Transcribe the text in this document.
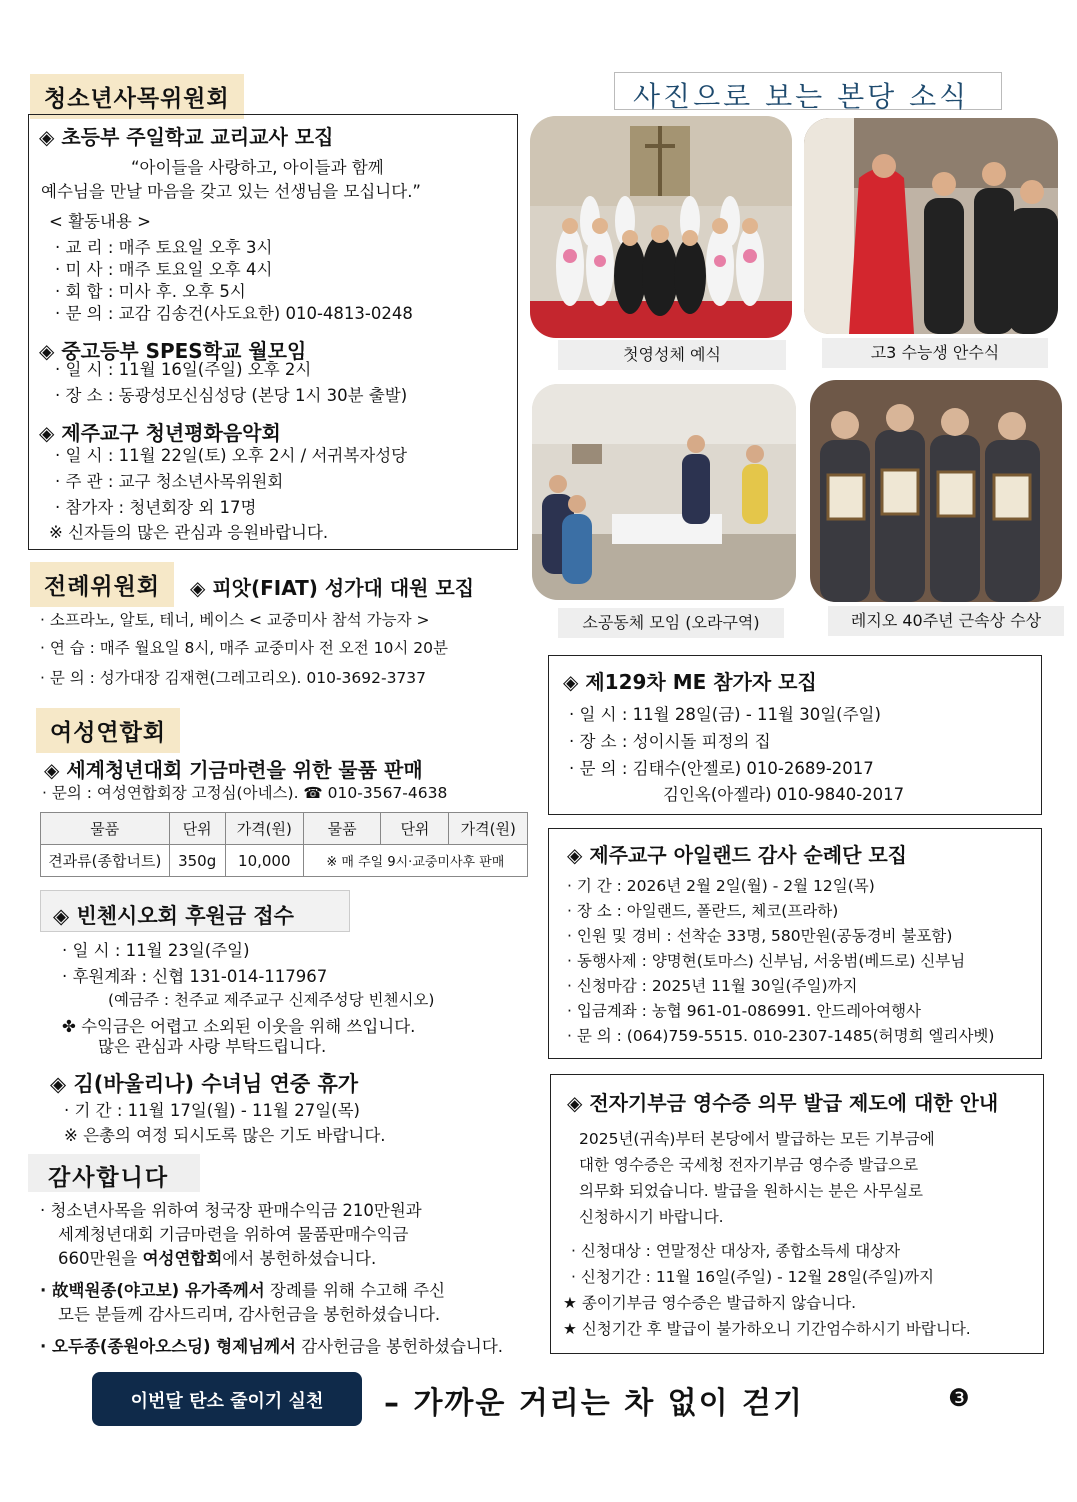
청소년사목위원회
◈ 초등부 주일학교 교리교사 모집
“아이들을 사랑하고, 아이들과 함께
예수님을 만날 마음을 갖고 있는 선생님을 모십니다.”
< 활동내용 >
· 교 리 : 매주 토요일 오후 3시
· 미 사 : 매주 토요일 오후 4시
· 회 합 : 미사 후. 오후 5시
· 문 의 : 교감 김송건(사도요한) 010-4813-0248
◈ 중고등부 SPES학교 월모임
· 일 시 : 11월 16일(주일) 오후 2시
· 장 소 : 동광성모신심성당 (본당 1시 30분 출발)
◈ 제주교구 청년평화음악회
· 일 시 : 11월 22일(토) 오후 2시 / 서귀복자성당
· 주 관 : 교구 청소년사목위원회
· 참가자 : 청년회장 외 17명
※ 신자들의 많은 관심과 응원바랍니다.
전례위원회	◈ 피앗(FIAT) 성가대 대원 모집
· 소프라노, 알토, 테너, 베이스 < 교중미사 참석 가능자 >
· 연 습 : 매주 월요일 8시, 매주 교중미사 전 오전 10시 20분
· 문 의 : 성가대장 김재현(그레고리오). 010-3692-3737
여성연합회
◈ 세계청년대회 기금마련을 위한 물품 판매
· 문의 : 여성연합회장 고정심(아네스). ☎ 010-3567-4638
물품	단위	가격(원)	물품	단위	가격(원)
견과류(종합너트)	350g	10,000	※ 매 주일 9시·교중미사후 판매		
◈ 빈첸시오회 후원금 접수
· 일 시 : 11월 23일(주일)
· 후원계좌 : 신협 131-014-117967
(예금주 : 천주교 제주교구 신제주성당 빈첸시오)
✤ 수익금은 어렵고 소외된 이웃을 위해 쓰입니다.
많은 관심과 사랑 부탁드립니다.
◈ 김(바울리나) 수녀님 연중 휴가
· 기 간 : 11월 17일(월) - 11월 27일(목)
※ 은총의 여정 되시도록 많은 기도 바랍니다.
감사합니다
· 청소년사목을 위하여 청국장 판매수익금 210만원과
세계청년대회 기금마련을 위하여 물품판매수익금
660만원을 여성연합회에서 봉헌하셨습니다.
· 故백원종(야고보) 유가족께서 장례를 위해 수고해 주신
모든 분들께 감사드리며, 감사헌금을 봉헌하셨습니다.
· 오두종(종원아오스딩) 형제님께서 감사헌금을 봉헌하셨습니다.
사진으로 보는 본당 소식
첫영성체 예식	고3 수능생 안수식
소공동체 모임 (오라구역)	레지오 40주년 근속상 수상
◈ 제129차 ME 참가자 모집
· 일 시 : 11월 28일(금) - 11월 30일(주일)
· 장 소 : 성이시돌 피정의 집
· 문 의 : 김태수(안젤로) 010-2689-2017
김인옥(아젤라) 010-9840-2017
◈ 제주교구 아일랜드 감사 순례단 모집
· 기 간 : 2026년 2월 2일(월) - 2월 12일(목)
· 장 소 : 아일랜드, 폴란드, 체코(프라하)
· 인원 및 경비 : 선착순 33명, 580만원(공동경비 불포함)
· 동행사제 : 양명현(토마스) 신부님, 서웅범(베드로) 신부님
· 신청마감 : 2025년 11월 30일(주일)까지
· 입금계좌 : 농협 961-01-086991. 안드레아여행사
· 문 의 : (064)759-5515. 010-2307-1485(허명희 엘리사벳)
◈ 전자기부금 영수증 의무 발급 제도에 대한 안내
2025년(귀속)부터 본당에서 발급하는 모든 기부금에
대한 영수증은 국세청 전자기부금 영수증 발급으로
의무화 되었습니다. 발급을 원하시는 분은 사무실로
신청하시기 바랍니다.
· 신청대상 : 연말정산 대상자, 종합소득세 대상자
· 신청기간 : 11월 16일(주일) - 12월 28일(주일)까지
★ 종이기부금 영수증은 발급하지 않습니다.
★ 신청기간 후 발급이 불가하오니 기간엄수하시기 바랍니다.
이번달 탄소 줄이기 실천	– 가까운 거리는 차 없이 걷기	❸
